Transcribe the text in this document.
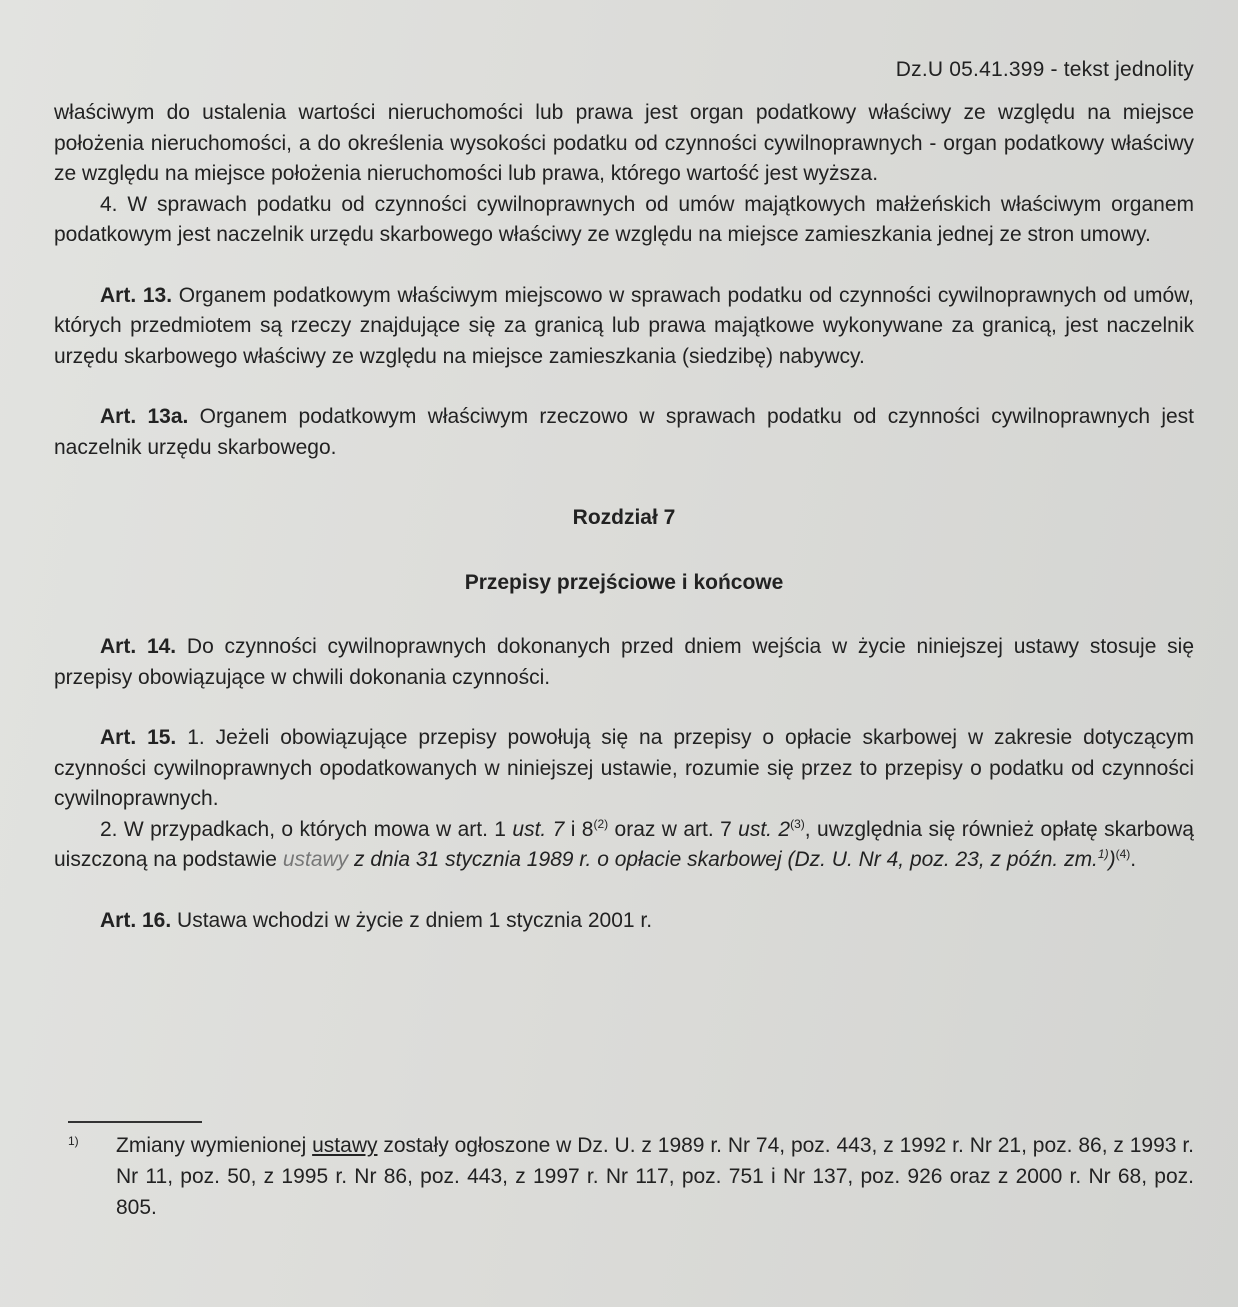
Dz.U 05.41.399 - tekst jednolity

właściwym do ustalenia wartości nieruchomości lub prawa jest organ podatkowy właściwy ze względu na miejsce położenia nieruchomości, a do określenia wysokości podatku od czynności cywilnoprawnych - organ podatkowy właściwy ze względu na miejsce położenia nieruchomości lub prawa, którego wartość jest wyższa.

4. W sprawach podatku od czynności cywilnoprawnych od umów majątkowych małżeńskich właściwym organem podatkowym jest naczelnik urzędu skarbowego właściwy ze względu na miejsce zamieszkania jednej ze stron umowy.

Art. 13. Organem podatkowym właściwym miejscowo w sprawach podatku od czynności cywilnoprawnych od umów, których przedmiotem są rzeczy znajdujące się za granicą lub prawa majątkowe wykonywane za granicą, jest naczelnik urzędu skarbowego właściwy ze względu na miejsce zamieszkania (siedzibę) nabywcy.

Art. 13a. Organem podatkowym właściwym rzeczowo w sprawach podatku od czynności cywilnoprawnych jest naczelnik urzędu skarbowego.

Rozdział 7

Przepisy przejściowe i końcowe

Art. 14. Do czynności cywilnoprawnych dokonanych przed dniem wejścia w życie niniejszej ustawy stosuje się przepisy obowiązujące w chwili dokonania czynności.

Art. 15. 1. Jeżeli obowiązujące przepisy powołują się na przepisy o opłacie skarbowej w zakresie dotyczącym czynności cywilnoprawnych opodatkowanych w niniejszej ustawie, rozumie się przez to przepisy o podatku od czynności cywilnoprawnych.

2. W przypadkach, o których mowa w art. 1 ust. 7 i 8$^{(2)}$ oraz w art. 7 ust. 2$^{(3)}$, uwzględnia się również opłatę skarbową uiszczoną na podstawie ustawy z dnia 31 stycznia 1989 r. o opłacie skarbowej (Dz. U. Nr 4, poz. 23, z późn. zm.$^{1)}$)$^{(4)}$.

Art. 16. Ustawa wchodzi w życie z dniem 1 stycznia 2001 r.

1) Zmiany wymienionej ustawy zostały ogłoszone w Dz. U. z 1989 r. Nr 74, poz. 443, z 1992 r. Nr 21, poz. 86, z 1993 r. Nr 11, poz. 50, z 1995 r. Nr 86, poz. 443, z 1997 r. Nr 117, poz. 751 i Nr 137, poz. 926 oraz z 2000 r. Nr 68, poz. 805.
